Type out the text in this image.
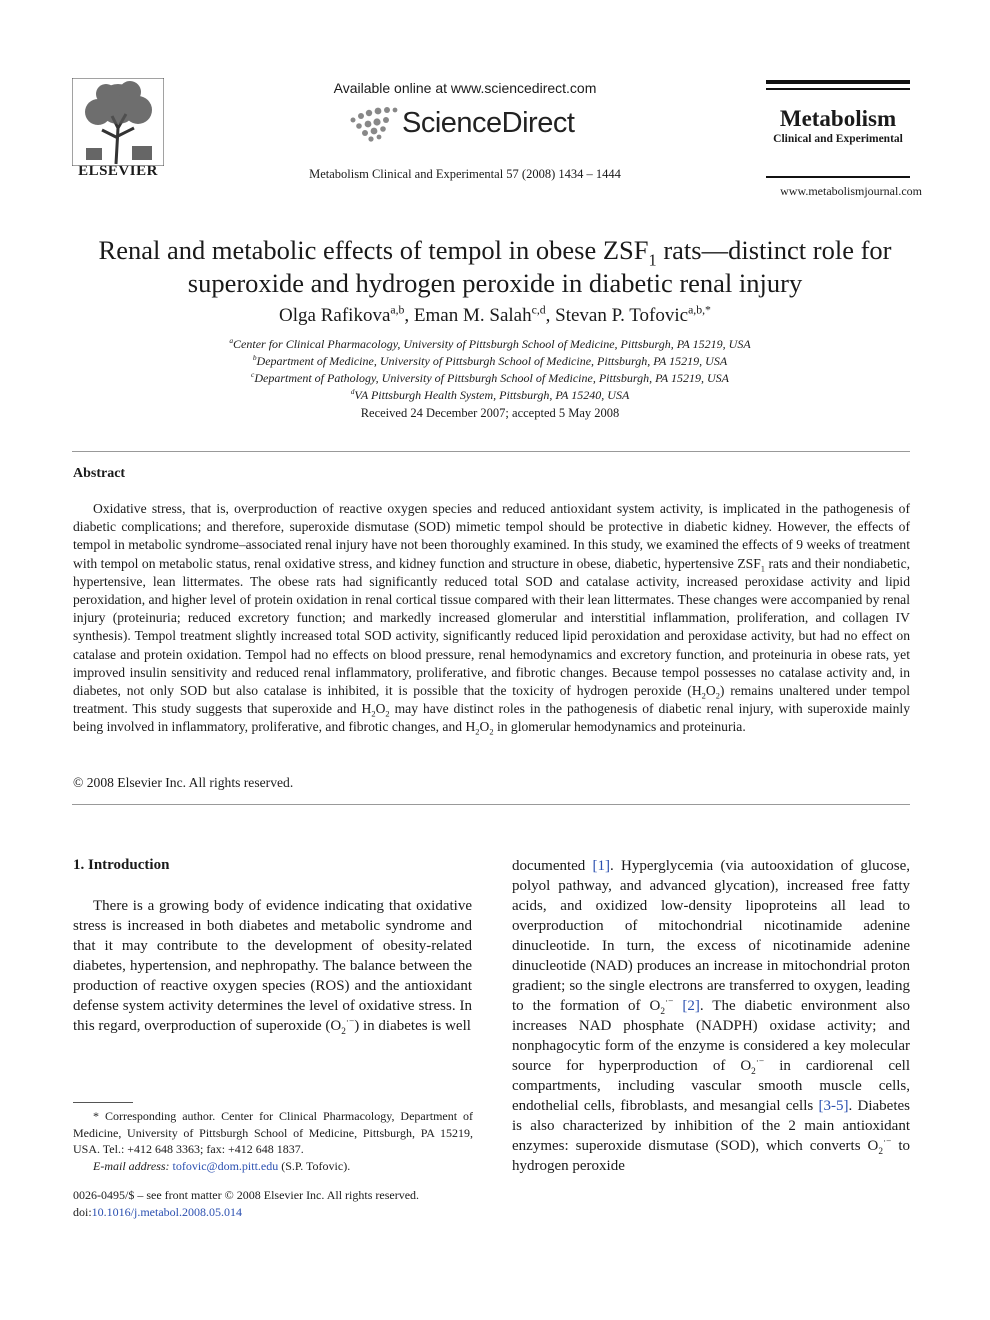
Available online at www.sciencedirect.com
ScienceDirect
Metabolism Clinical and Experimental 57 (2008) 1434 – 1444
ELSEVIER
Metabolism
Clinical and Experimental
www.metabolismjournal.com
Renal and metabolic effects of tempol in obese $ZSF_1$ rats—distinct role for
superoxide and hydrogen peroxide in diabetic renal injury
Olga Rafikova$^{a,b}$, Eman M. Salah$^{c,d}$, Stevan P. Tofovic$^{a,b,*}$
$^a$Center for Clinical Pharmacology, University of Pittsburgh School of Medicine, Pittsburgh, PA 15219, USA
$^b$Department of Medicine, University of Pittsburgh School of Medicine, Pittsburgh, PA 15219, USA
$^c$Department of Pathology, University of Pittsburgh School of Medicine, Pittsburgh, PA 15219, USA
$^d$VA Pittsburgh Health System, Pittsburgh, PA 15240, USA
Received 24 December 2007; accepted 5 May 2008
Abstract

Oxidative stress, that is, overproduction of reactive oxygen species and reduced antioxidant system activity, is implicated in the pathogenesis of diabetic complications; and therefore, superoxide dismutase (SOD) mimetic tempol should be protective in diabetic kidney. However, the effects of tempol in metabolic syndrome–associated renal injury have not been thoroughly examined. In this study, we examined the effects of 9 weeks of treatment with tempol on metabolic status, renal oxidative stress, and kidney function and structure in obese, diabetic, hypertensive $ZSF_1$ rats and their nondiabetic, hypertensive, lean littermates. The obese rats had significantly reduced total SOD and catalase activity, increased peroxidase activity and lipid peroxidation, and higher level of protein oxidation in renal cortical tissue compared with their lean littermates. These changes were accompanied by renal injury (proteinuria; reduced excretory function; and markedly increased glomerular and interstitial inflammation, proliferation, and collagen IV synthesis). Tempol treatment slightly increased total SOD activity, significantly reduced lipid peroxidation and peroxidase activity, but had no effect on catalase and protein oxidation. Tempol had no effects on blood pressure, renal hemodynamics and excretory function, and proteinuria in obese rats, yet improved insulin sensitivity and reduced renal inflammatory, proliferative, and fibrotic changes. Because tempol possesses no catalase activity and, in diabetes, not only SOD but also catalase is inhibited, it is possible that the toxicity of hydrogen peroxide $(H_2O_2)$ remains unaltered under tempol treatment. This study suggests that superoxide and $H_2O_2$ may have distinct roles in the pathogenesis of diabetic renal injury, with superoxide mainly being involved in inflammatory, proliferative, and fibrotic changes, and $H_2O_2$ in glomerular hemodynamics and proteinuria.

© 2008 Elsevier Inc. All rights reserved.
1. Introduction

There is a growing body of evidence indicating that oxidative stress is increased in both diabetes and metabolic syndrome and that it may contribute to the development of obesity-related diabetes, hypertension, and nephropathy. The balance between the production of reactive oxygen species (ROS) and the antioxidant defense system activity determines the level of oxidative stress. In this regard, overproduction of superoxide $(O_2^{\cdot-})$ in diabetes is well

documented [1]. Hyperglycemia (via autooxidation of glucose, polyol pathway, and advanced glycation), increased free fatty acids, and oxidized low-density lipoproteins all lead to overproduction of mitochondrial nicotinamide adenine dinucleotide. In turn, the excess of nicotinamide adenine dinucleotide (NAD) produces an increase in mitochondrial proton gradient; so the single electrons are transferred to oxygen, leading to the formation of $O_2^{\cdot-}$ [2]. The diabetic environment also increases NAD phosphate (NADPH) oxidase activity; and nonphagocytic form of the enzyme is considered a key molecular source for hyperproduction of $O_2^{\cdot-}$ in cardiorenal cell compartments, including vascular smooth muscle cells, endothelial cells, fibroblasts, and mesangial cells [3-5]. Diabetes is also characterized by inhibition of the 2 main antioxidant enzymes: superoxide dismutase (SOD), which converts $O_2^{\cdot-}$ to hydrogen peroxide

* Corresponding author. Center for Clinical Pharmacology, Department of Medicine, University of Pittsburgh School of Medicine, Pittsburgh, PA 15219, USA. Tel.: +412 648 3363; fax: +412 648 1837.

E-mail address: tofovic@dom.pitt.edu (S.P. Tofovic).

0026-0495/$ – see front matter © 2008 Elsevier Inc. All rights reserved.
doi:10.1016/j.metabol.2008.05.014
